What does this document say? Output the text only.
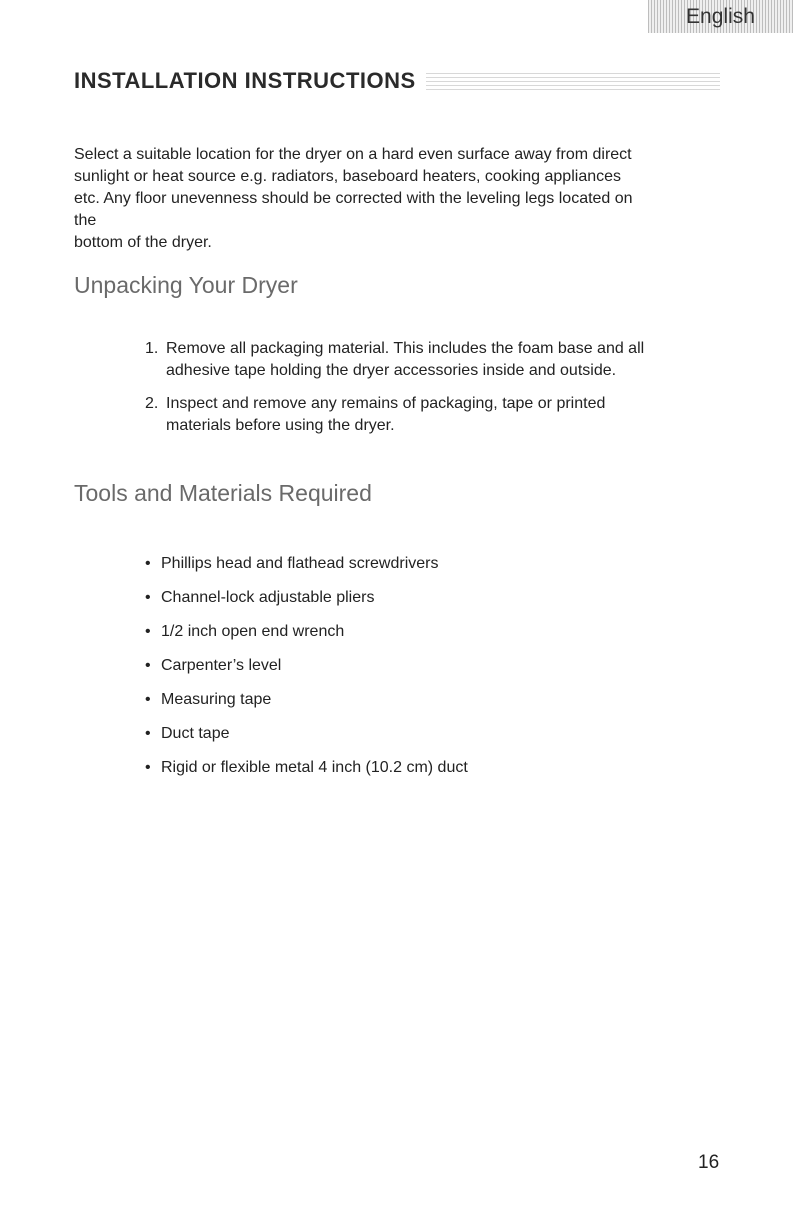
English
INSTALLATION INSTRUCTIONS

Select a suitable location for the dryer on a hard even surface away from direct
sunlight or heat source e.g. radiators, baseboard heaters, cooking appliances
etc. Any floor unevenness should be corrected with the leveling legs located on
the
bottom of the dryer.

Unpacking Your Dryer
1. Remove all packaging material. This includes the foam base and all
adhesive tape holding the dryer accessories inside and outside.
2. Inspect and remove any remains of packaging, tape or printed
materials before using the dryer.
Tools and Materials Required
• Phillips head and flathead screwdrivers
• Channel-lock adjustable pliers
• 1/2 inch open end wrench
• Carpenter’s level
• Measuring tape
• Duct tape
• Rigid or flexible metal 4 inch (10.2 cm) duct
16
